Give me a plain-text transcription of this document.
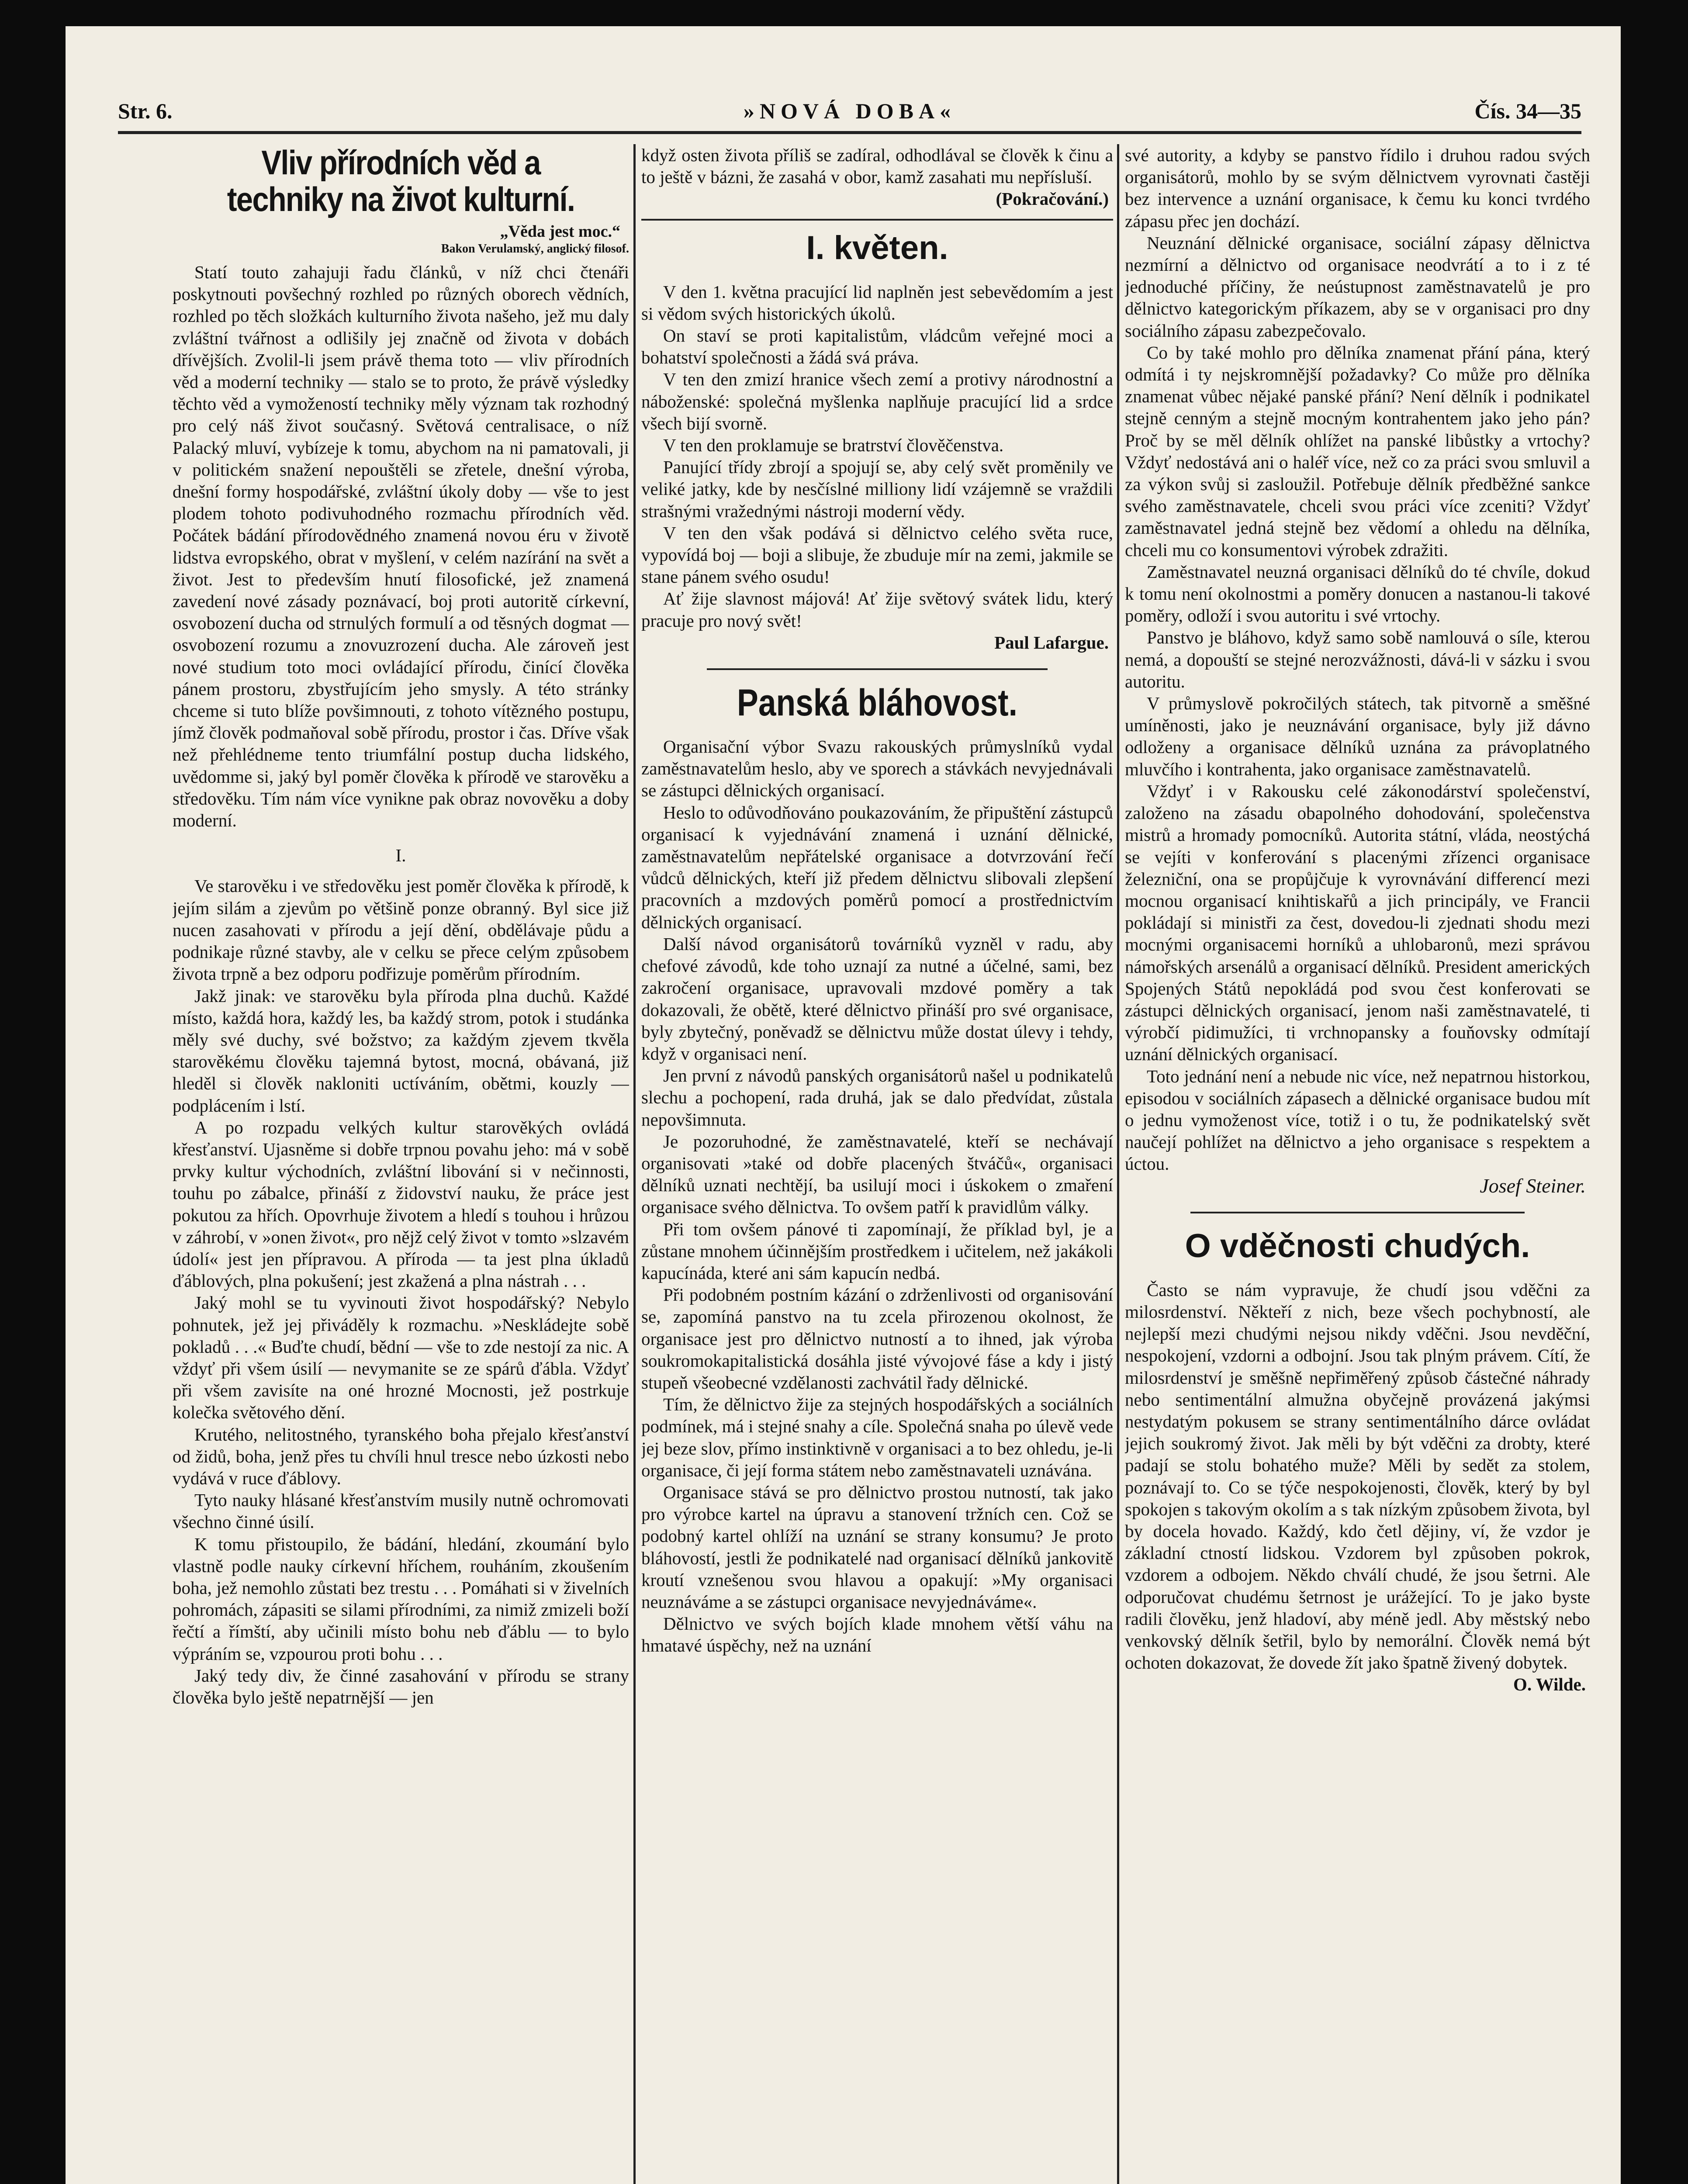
Str. 6.	»NOVÁ DOBA«	Čís. 34—35
Vliv přírodních věd a techniky na život kulturní.
„Věda jest moc.“
Bakon Verulamský, anglický filosof.

Statí touto zahajuji řadu článků, v níž chci čtenáři poskytnouti povšechný rozhled po různých oborech vědních, rozhled po těch složkách kulturního života našeho, jež mu daly zvláštní tvářnost a odlišily jej značně od života v dobách dřívějších. Zvolil-li jsem právě thema toto — vliv přírodních věd a moderní techniky — stalo se to proto, že právě výsledky těchto věd a vymožeností techniky měly význam tak rozhodný pro celý náš život současný. Světová centralisace, o níž Palacký mluví, vybízeje k tomu, abychom na ni pamatovali, ji v politickém snažení nepouštěli se zřetele, dnešní výroba, dnešní formy hospodářské, zvláštní úkoly doby — vše to jest plodem tohoto podivuhodného rozmachu přírodních věd. Počátek bádání přírodovědného znamená novou éru v životě lidstva evropského, obrat v myšlení, v celém nazírání na svět a život. Jest to především hnutí filosofické, jež znamená zavedení nové zásady poznávací, boj proti autoritě církevní, osvobození ducha od strnulých formulí a od těsných dogmat — osvobození rozumu a znovuzrození ducha. Ale zároveň jest nové studium toto moci ovládající přírodu, činící člověka pánem prostoru, zbystřujícím jeho smysly. A této stránky chceme si tuto blíže povšimnouti, z tohoto vítězného postupu, jímž člověk podmaňoval sobě přírodu, prostor i čas. Dříve však než přehlédneme tento triumfální postup ducha lidského, uvědomme si, jaký byl poměr člověka k přírodě ve starověku a středověku. Tím nám více vynikne pak obraz novověku a doby moderní.

I.

Ve starověku i ve středověku jest poměr člověka k přírodě, k jejím silám a zjevům po většině ponze obranný. Byl sice již nucen zasahovati v přírodu a její dění, obdělávaje půdu a podnikaje různé stavby, ale v celku se přece celým způsobem života trpně a bez odporu podřizuje poměrům přírodním.

Jakž jinak: ve starověku byla příroda plna duchů. Každé místo, každá hora, každý les, ba každý strom, potok i studánka měly své duchy, své božstvo; za každým zjevem tkvěla starověkému člověku tajemná bytost, mocná, obávaná, již hleděl si člověk nakloniti uctíváním, obětmi, kouzly — podplácením i lstí.

A po rozpadu velkých kultur starověkých ovládá křesťanství. Ujasněme si dobře trpnou povahu jeho: má v sobě prvky kultur východních, zvláštní libování si v nečinnosti, touhu po zábalce, přináší z židovství nauku, že práce jest pokutou za hřích. Opovrhuje životem a hledí s touhou i hrůzou v záhrobí, v »onen život«, pro nějž celý život v tomto »slzavém údolí« jest jen přípravou. A příroda — ta jest plna úkladů ďáblových, plna pokušení; jest zkažená a plna nástrah . . .

Jaký mohl se tu vyvinouti život hospodářský? Nebylo pohnutek, jež jej přiváděly k rozmachu. »Neskládejte sobě pokladů . . .« Buďte chudí, bědní — vše to zde nestojí za nic. A vždyť při všem úsilí — nevymanite se ze spárů ďábla. Vždyť při všem zavisíte na oné hrozné Mocnosti, jež postrkuje kolečka světového dění.

Krutého, nelitostného, tyranského boha přejalo křesťanství od židů, boha, jenž přes tu chvíli hnul tresce nebo úzkosti nebo vydává v ruce ďáblovy.

Tyto nauky hlásané křesťanstvím musily nutně ochromovati všechno činné úsilí.

K tomu přistoupilo, že bádání, hledání, zkoumání bylo vlastně podle nauky církevní hříchem, rouháním, zkoušením boha, jež nemohlo zůstati bez trestu . . . Pomáhati si v živelních pohromách, zápasiti se silami přírodními, za nimiž zmizeli boží řečtí a římští, aby učinili místo bohu neb ďáblu — to bylo výpráním se, vzpourou proti bohu . . .

Jaký tedy div, že činné zasahování v přírodu se strany člověka bylo ještě nepatrnější — jen

když osten života příliš se zadíral, odhodlával se člověk k činu a to ještě v bázni, že zasahá v obor, kamž zasahati mu nepřísluší.

(Pokračování.)
I. květen.

V den 1. května pracující lid naplněn jest sebevědomím a jest si vědom svých historických úkolů.

On staví se proti kapitalistům, vládcům veřejné moci a bohatství společnosti a žádá svá práva.

V ten den zmizí hranice všech zemí a protivy národnostní a náboženské: společná myšlenka naplňuje pracující lid a srdce všech bijí svorně.

V ten den proklamuje se bratrství člověčenstva.

Panující třídy zbrojí a spojují se, aby celý svět proměnily ve veliké jatky, kde by nesčíslné milliony lidí vzájemně se vraždili strašnými vražednými nástroji moderní vědy.

V ten den však podává si dělnictvo celého světa ruce, vypovídá boj — boji a slibuje, že zbuduje mír na zemi, jakmile se stane pánem svého osudu!

Ať žije slavnost májová! Ať žije světový svátek lidu, který pracuje pro nový svět!

Paul Lafargue.
Panská bláhovost.

Organisační výbor Svazu rakouských průmyslníků vydal zaměstnavatelům heslo, aby ve sporech a stávkách nevyjednávali se zástupci dělnických organisací.

Heslo to odůvodňováno poukazováním, že připuštění zástupců organisací k vyjednávání znamená i uznání dělnické, zaměstnavatelům nepřátelské organisace a dotvrzování řečí vůdců dělnických, kteří již předem dělnictvu slibovali zlepšení pracovních a mzdových poměrů pomocí a prostřednictvím dělnických organisací.

Další návod organisátorů továrníků vyzněl v radu, aby chefové závodů, kde toho uznají za nutné a účelné, sami, bez zakročení organisace, upravovali mzdové poměry a tak dokazovali, že obětě, které dělnictvo přináší pro své organisace, byly zbytečný, poněvadž se dělnictvu může dostat úlevy i tehdy, když v organisaci není.

Jen první z návodů panských organisátorů našel u podnikatelů slechu a pochopení, rada druhá, jak se dalo předvídat, zůstala nepovšimnuta.

Je pozoruhodné, že zaměstnavatelé, kteří se nechávají organisovati »také od dobře placených štváčů«, organisaci dělníků uznati nechtějí, ba usilují moci i úskokem o zmaření organisace svého dělnictva. To ovšem patří k pravidlům války.

Při tom ovšem pánové ti zapomínají, že příklad byl, je a zůstane mnohem účinnějším prostředkem i učitelem, než jakákoli kapucínáda, které ani sám kapucín nedbá.

Při podobném postním kázání o zdrženlivosti od organisování se, zapomíná panstvo na tu zcela přirozenou okolnost, že organisace jest pro dělnictvo nutností a to ihned, jak výroba soukromokapitalistická dosáhla jisté vývojové fáse a kdy i jistý stupeň všeobecné vzdělanosti zachvátil řady dělnické.

Tím, že dělnictvo žije za stejných hospodářských a sociálních podmínek, má i stejné snahy a cíle. Společná snaha po úlevě vede jej beze slov, přímo instinktivně v organisaci a to bez ohledu, je-li organisace, či její forma státem nebo zaměstnavateli uznávána.

Organisace stává se pro dělnictvo prostou nutností, tak jako pro výrobce kartel na úpravu a stanovení tržních cen. Což se podobný kartel ohlíží na uznání se strany konsumu? Je proto bláhovostí, jestli že podnikatelé nad organisací dělníků jankovitě kroutí vznešenou svou hlavou a opakují: »My organisaci neuznáváme a se zástupci organisace nevyjednáváme«.

Dělnictvo ve svých bojích klade mnohem větší váhu na hmatavé úspěchy, než na uznání

své autority, a kdyby se panstvo řídilo i druhou radou svých organisátorů, mohlo by se svým dělnictvem vyrovnati častěji bez intervence a uznání organisace, k čemu ku konci tvrdého zápasu přec jen dochází.

Neuznání dělnické organisace, sociální zápasy dělnictva nezmírní a dělnictvo od organisace neodvrátí a to i z té jednoduché příčiny, že neústupnost zaměstnavatelů je pro dělnictvo kategorickým příkazem, aby se v organisaci pro dny sociálního zápasu zabezpečovalo.

Co by také mohlo pro dělníka znamenat přání pána, který odmítá i ty nejskromnější požadavky? Co může pro dělníka znamenat vůbec nějaké panské přání? Není dělník i podnikatel stejně cenným a stejně mocným kontrahentem jako jeho pán? Proč by se měl dělník ohlížet na panské libůstky a vrtochy? Vždyť nedostává ani o haléř více, než co za práci svou smluvil a za výkon svůj si zasloužil. Potřebuje dělník předběžné sankce svého zaměstnavatele, chceli svou práci více zceniti? Vždyť zaměstnavatel jedná stejně bez vědomí a ohledu na dělníka, chceli mu co konsumentovi výrobek zdražiti.

Zaměstnavatel neuzná organisaci dělníků do té chvíle, dokud k tomu není okolnostmi a poměry donucen a nastanou-li takové poměry, odloží i svou autoritu i své vrtochy.

Panstvo je bláhovo, když samo sobě namlouvá o síle, kterou nemá, a dopouští se stejné nerozvážnosti, dává-li v sázku i svou autoritu.

V průmyslově pokročilých státech, tak pitvorně a směšné umíněnosti, jako je neuznávání organisace, byly již dávno odloženy a organisace dělníků uznána za právoplatného mluvčího i kontrahenta, jako organisace zaměstnavatelů.

Vždyť i v Rakousku celé zákonodárství společenství, založeno na zásadu obapolného dohodování, společenstva mistrů a hromady pomocníků. Autorita státní, vláda, neostýchá se vejíti v konferování s placenými zřízenci organisace železniční, ona se propůjčuje k vyrovnávání differencí mezi mocnou organisací knihtiskařů a jich principály, ve Francii pokládají si ministři za čest, dovedou-li zjednati shodu mezi mocnými organisacemi horníků a uhlobaronů, mezi správou námořských arsenálů a organisací dělníků. President amerických Spojených Států nepokládá pod svou čest konferovati se zástupci dělnických organisací, jenom naši zaměstnavatelé, ti výrobčí pidimužíci, ti vrchnopansky a fouňovsky odmítají uznání dělnických organisací.

Toto jednání není a nebude nic více, než nepatrnou historkou, episodou v sociálních zápasech a dělnické organisace budou mít o jednu vymoženost více, totiž i o tu, že podnikatelský svět naučejí pohlížet na dělnictvo a jeho organisace s respektem a úctou.

Josef Steiner.
O vděčnosti chudých.

Často se nám vypravuje, že chudí jsou vděčni za milosrdenství. Někteří z nich, beze všech pochybností, ale nejlepší mezi chudými nejsou nikdy vděčni. Jsou nevděční, nespokojení, vzdorni a odbojní. Jsou tak plným právem. Cítí, že milosrdenství je směšně nepřiměřený způsob částečné náhrady nebo sentimentální almužna obyčejně provázená jakýmsi nestydatým pokusem se strany sentimentálního dárce ovládat jejich soukromý život. Jak měli by být vděčni za drobty, které padají se stolu bohatého muže? Měli by sedět za stolem, poznávají to. Co se týče nespokojenosti, člověk, který by byl spokojen s takovým okolím a s tak nízkým způsobem života, byl by docela hovado. Každý, kdo četl dějiny, ví, že vzdor je základní ctností lidskou. Vzdorem byl způsoben pokrok, vzdorem a odbojem. Někdo chválí chudé, že jsou šetrni. Ale odporučovat chudému šetrnost je urážející. To je jako byste radili člověku, jenž hladoví, aby méně jedl. Aby městský nebo venkovský dělník šetřil, bylo by nemorální. Člověk nemá být ochoten dokazovat, že dovede žít jako špatně živený dobytek.

O. Wilde.
